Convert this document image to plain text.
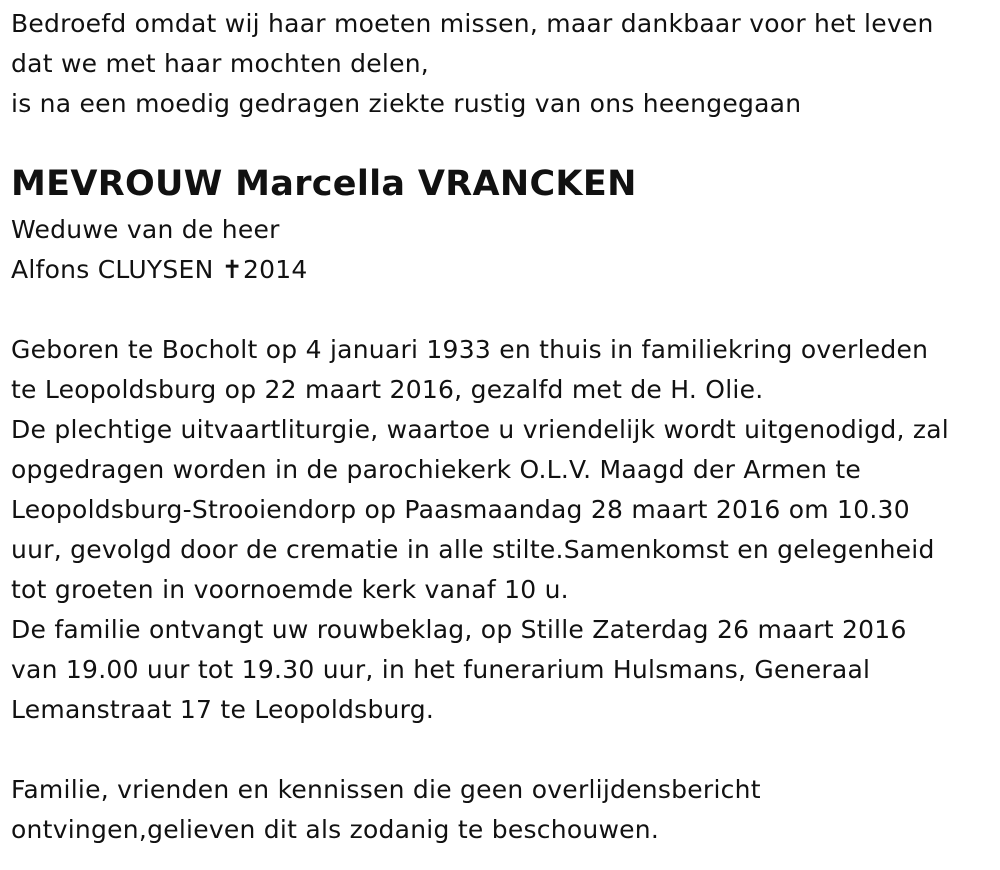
Bedroefd omdat wij haar moeten missen, maar dankbaar voor het leven
dat we met haar mochten delen,
is na een moedig gedragen ziekte rustig van ons heengegaan
MEVROUW Marcella VRANCKEN
Weduwe van de heer
Alfons CLUYSEN ✝2014
Geboren te Bocholt op 4 januari 1933 en thuis in familiekring overleden
te Leopoldsburg op 22 maart 2016, gezalfd met de H. Olie.
De plechtige uitvaartliturgie, waartoe u vriendelijk wordt uitgenodigd, zal
opgedragen worden in de parochiekerk O.L.V. Maagd der Armen te
Leopoldsburg-Strooiendorp op Paasmaandag 28 maart 2016 om 10.30
uur, gevolgd door de crematie in alle stilte.Samenkomst en gelegenheid
tot groeten in voornoemde kerk vanaf 10 u.
De familie ontvangt uw rouwbeklag, op Stille Zaterdag 26 maart 2016
van 19.00 uur tot 19.30 uur, in het funerarium Hulsmans, Generaal
Lemanstraat 17 te Leopoldsburg.
Familie, vrienden en kennissen die geen overlijdensbericht
ontvingen,gelieven dit als zodanig te beschouwen.
